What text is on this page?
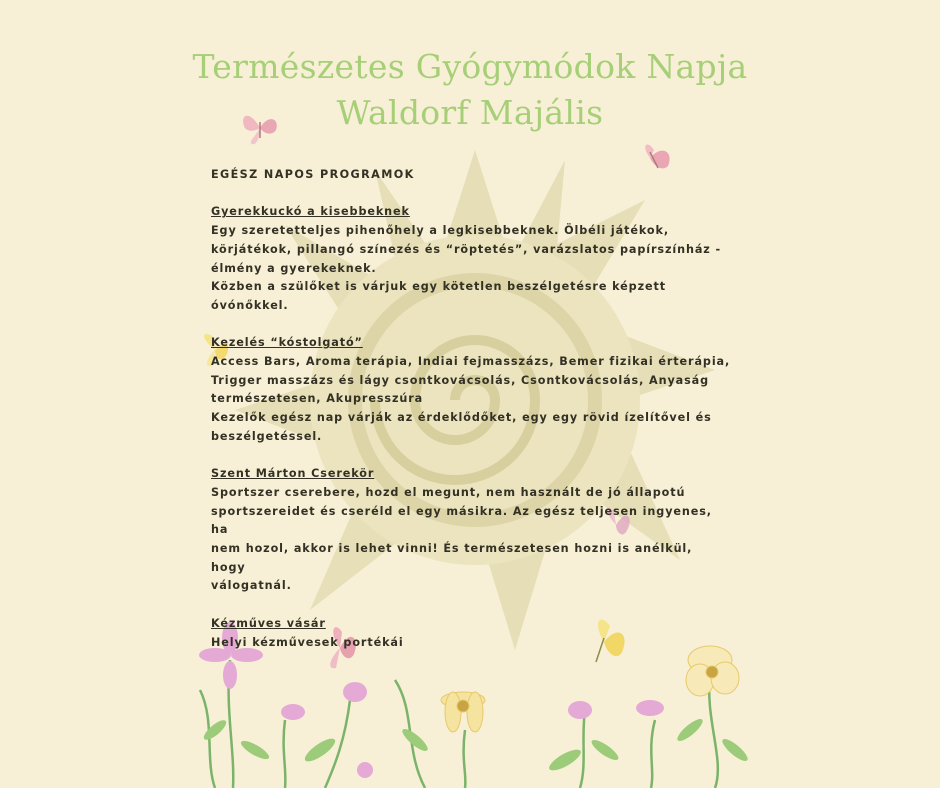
Természetes Gyógymódok Napja
Waldorf Majális

EGÉSZ NAPOS PROGRAMOK

Gyerekkuckó a kisebbeknek

Egy szeretetteljes pihenőhely a legkisebbeknek. Ölbéli játékok,

körjátékok, pillangó színezés és “röptetés”, varázslatos papírszínház -

élmény a gyerekeknek.

Közben a szülőket is várjuk egy kötetlen beszélgetésre képzett óvónőkkel.

Kezelés “kóstolgató”

Access Bars, Aroma terápia, Indiai fejmasszázs, Bemer fizikai érterápia,

Trigger masszázs és lágy csontkovácsolás, Csontkovácsolás, Anyaság

természetesen, Akupresszúra

Kezelők egész nap várják az érdeklődőket, egy egy rövid ízelítővel és

beszélgetéssel.

Szent Márton Cserekör

Sportszer cserebere, hozd el megunt, nem használt de jó állapotú

sportszereidet és cseréld el egy másikra. Az egész teljesen ingyenes, ha

nem hozol, akkor is lehet vinni! És természetesen hozni is anélkül, hogy

válogatnál.

Kézműves vásár

Helyi kézművesek portékái
